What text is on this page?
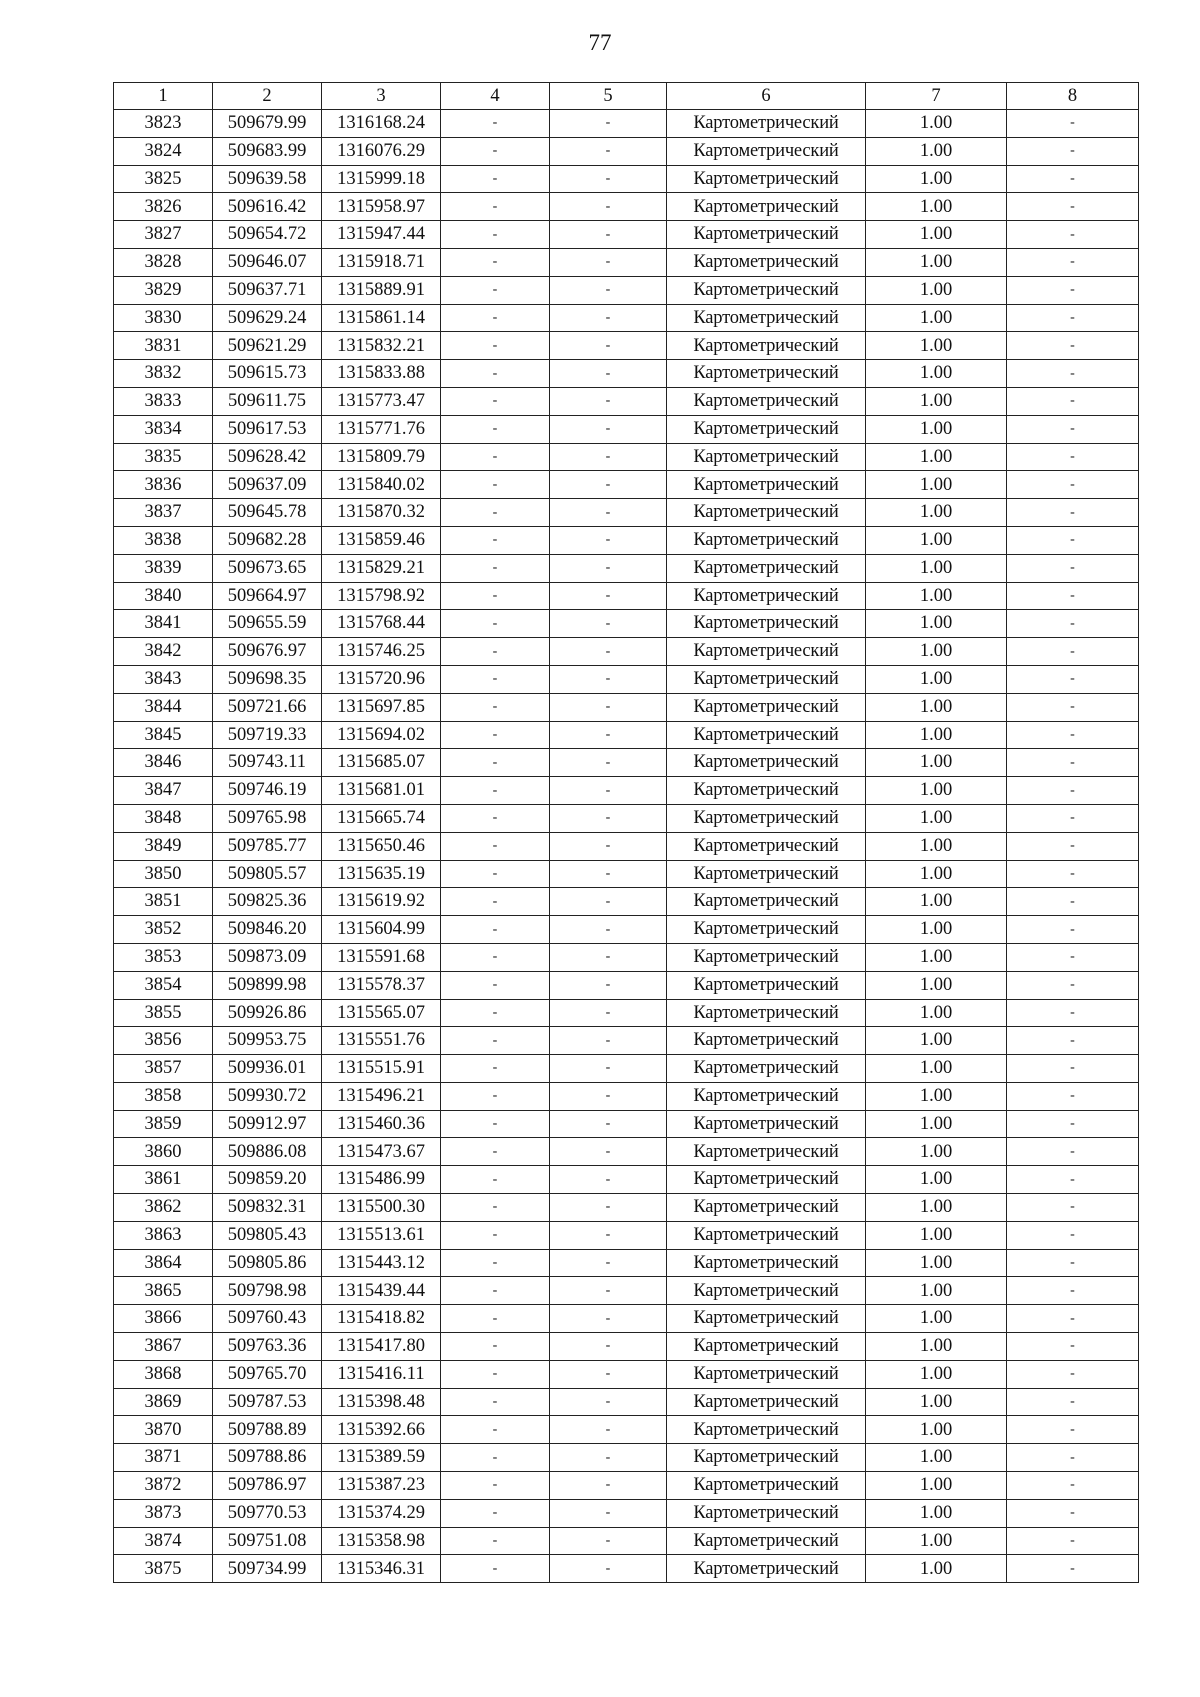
77
1	2	3	4	5	6	7	8
3823	509679.99	1316168.24	-	-	Картометрический	1.00	-
3824	509683.99	1316076.29	-	-	Картометрический	1.00	-
3825	509639.58	1315999.18	-	-	Картометрический	1.00	-
3826	509616.42	1315958.97	-	-	Картометрический	1.00	-
3827	509654.72	1315947.44	-	-	Картометрический	1.00	-
3828	509646.07	1315918.71	-	-	Картометрический	1.00	-
3829	509637.71	1315889.91	-	-	Картометрический	1.00	-
3830	509629.24	1315861.14	-	-	Картометрический	1.00	-
3831	509621.29	1315832.21	-	-	Картометрический	1.00	-
3832	509615.73	1315833.88	-	-	Картометрический	1.00	-
3833	509611.75	1315773.47	-	-	Картометрический	1.00	-
3834	509617.53	1315771.76	-	-	Картометрический	1.00	-
3835	509628.42	1315809.79	-	-	Картометрический	1.00	-
3836	509637.09	1315840.02	-	-	Картометрический	1.00	-
3837	509645.78	1315870.32	-	-	Картометрический	1.00	-
3838	509682.28	1315859.46	-	-	Картометрический	1.00	-
3839	509673.65	1315829.21	-	-	Картометрический	1.00	-
3840	509664.97	1315798.92	-	-	Картометрический	1.00	-
3841	509655.59	1315768.44	-	-	Картометрический	1.00	-
3842	509676.97	1315746.25	-	-	Картометрический	1.00	-
3843	509698.35	1315720.96	-	-	Картометрический	1.00	-
3844	509721.66	1315697.85	-	-	Картометрический	1.00	-
3845	509719.33	1315694.02	-	-	Картометрический	1.00	-
3846	509743.11	1315685.07	-	-	Картометрический	1.00	-
3847	509746.19	1315681.01	-	-	Картометрический	1.00	-
3848	509765.98	1315665.74	-	-	Картометрический	1.00	-
3849	509785.77	1315650.46	-	-	Картометрический	1.00	-
3850	509805.57	1315635.19	-	-	Картометрический	1.00	-
3851	509825.36	1315619.92	-	-	Картометрический	1.00	-
3852	509846.20	1315604.99	-	-	Картометрический	1.00	-
3853	509873.09	1315591.68	-	-	Картометрический	1.00	-
3854	509899.98	1315578.37	-	-	Картометрический	1.00	-
3855	509926.86	1315565.07	-	-	Картометрический	1.00	-
3856	509953.75	1315551.76	-	-	Картометрический	1.00	-
3857	509936.01	1315515.91	-	-	Картометрический	1.00	-
3858	509930.72	1315496.21	-	-	Картометрический	1.00	-
3859	509912.97	1315460.36	-	-	Картометрический	1.00	-
3860	509886.08	1315473.67	-	-	Картометрический	1.00	-
3861	509859.20	1315486.99	-	-	Картометрический	1.00	-
3862	509832.31	1315500.30	-	-	Картометрический	1.00	-
3863	509805.43	1315513.61	-	-	Картометрический	1.00	-
3864	509805.86	1315443.12	-	-	Картометрический	1.00	-
3865	509798.98	1315439.44	-	-	Картометрический	1.00	-
3866	509760.43	1315418.82	-	-	Картометрический	1.00	-
3867	509763.36	1315417.80	-	-	Картометрический	1.00	-
3868	509765.70	1315416.11	-	-	Картометрический	1.00	-
3869	509787.53	1315398.48	-	-	Картометрический	1.00	-
3870	509788.89	1315392.66	-	-	Картометрический	1.00	-
3871	509788.86	1315389.59	-	-	Картометрический	1.00	-
3872	509786.97	1315387.23	-	-	Картометрический	1.00	-
3873	509770.53	1315374.29	-	-	Картометрический	1.00	-
3874	509751.08	1315358.98	-	-	Картометрический	1.00	-
3875	509734.99	1315346.31	-	-	Картометрический	1.00	-
